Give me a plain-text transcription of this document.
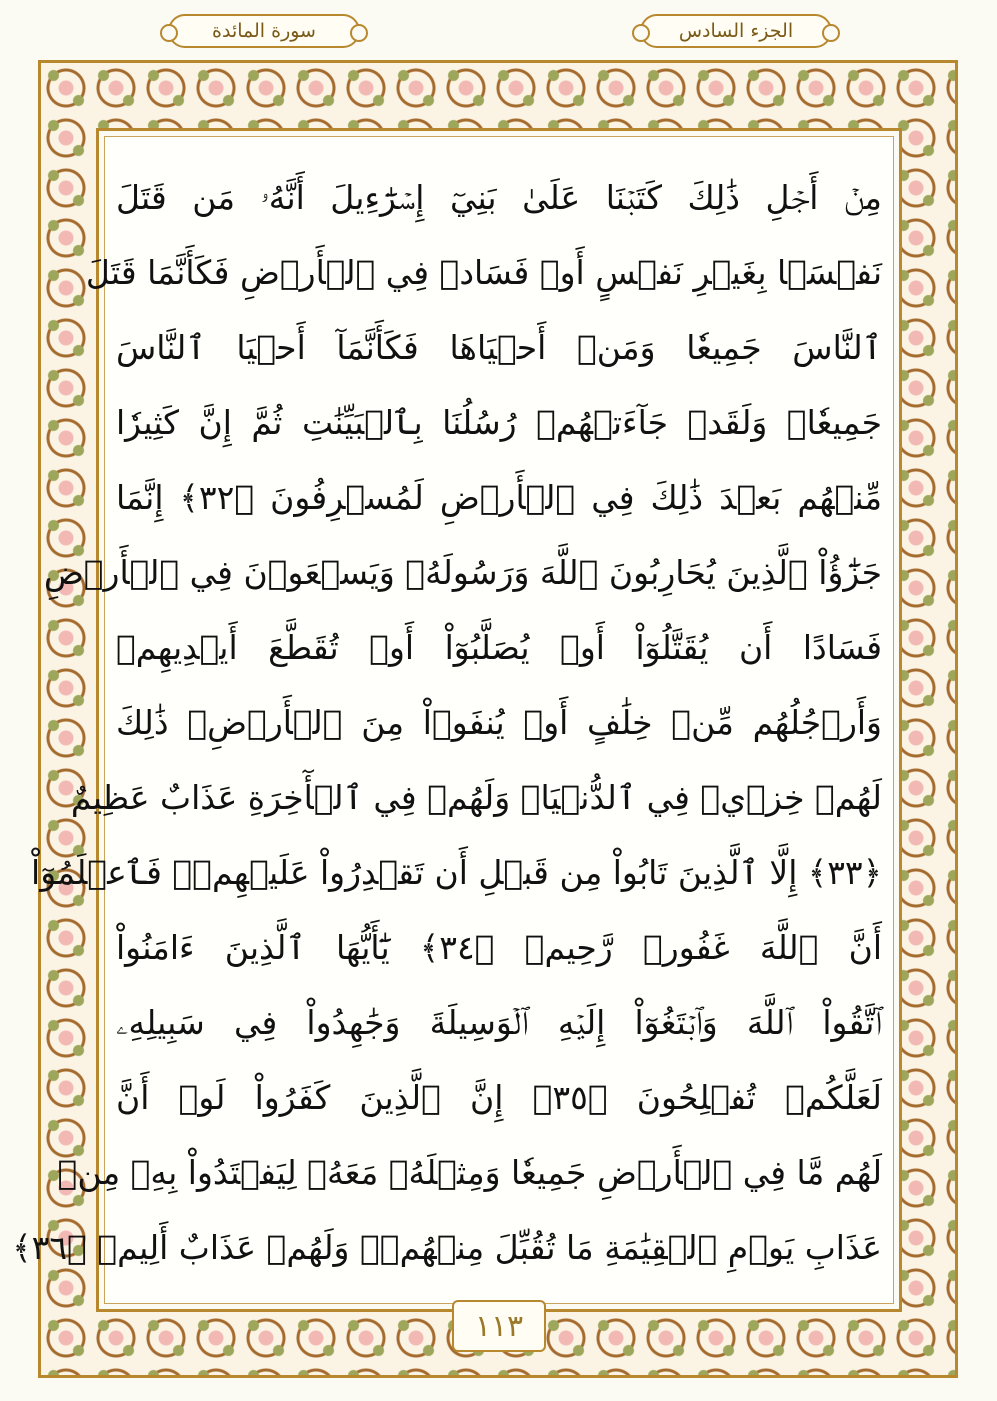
سورة المائدة	الجزء السادس
مِنۡ أَجۡلِ ذَٰلِكَ كَتَبۡنَا عَلَىٰ بَنِيٓ إِسۡرَٰٓءِيلَ أَنَّهُۥ مَن قَتَلَ
نَفۡسَۢا بِغَيۡرِ نَفۡسٍ أَوۡ فَسَادٖ فِي ٱلۡأَرۡضِ فَكَأَنَّمَا قَتَلَ
ٱلنَّاسَ جَمِيعٗا وَمَنۡ أَحۡيَاهَا فَكَأَنَّمَآ أَحۡيَا ٱلنَّاسَ
جَمِيعٗاۚ وَلَقَدۡ جَآءَتۡهُمۡ رُسُلُنَا بِٱلۡبَيِّنَٰتِ ثُمَّ إِنَّ كَثِيرٗا
مِّنۡهُم بَعۡدَ ذَٰلِكَ فِي ٱلۡأَرۡضِ لَمُسۡرِفُونَ ﴿٣٢﴾ إِنَّمَا
جَزَٰٓؤُاْ ٱلَّذِينَ يُحَارِبُونَ ٱللَّهَ وَرَسُولَهُۥ وَيَسۡعَوۡنَ فِي ٱلۡأَرۡضِ
فَسَادًا أَن يُقَتَّلُوٓاْ أَوۡ يُصَلَّبُوٓاْ أَوۡ تُقَطَّعَ أَيۡدِيهِمۡ
وَأَرۡجُلُهُم مِّنۡ خِلَٰفٍ أَوۡ يُنفَوۡاْ مِنَ ٱلۡأَرۡضِۚ ذَٰلِكَ
لَهُمۡ خِزۡيٞ فِي ٱلدُّنۡيَاۖ وَلَهُمۡ فِي ٱلۡأٓخِرَةِ عَذَابٌ عَظِيمٌ
﴿٣٣﴾ إِلَّا ٱلَّذِينَ تَابُواْ مِن قَبۡلِ أَن تَقۡدِرُواْ عَلَيۡهِمۡۖ فَٱعۡلَمُوٓاْ
أَنَّ ٱللَّهَ غَفُورٞ رَّحِيمٞ ﴿٣٤﴾ يَٰٓأَيُّهَا ٱلَّذِينَ ءَامَنُواْ
ٱتَّقُواْ ٱللَّهَ وَٱبۡتَغُوٓاْ إِلَيۡهِ ٱلۡوَسِيلَةَ وَجَٰهِدُواْ فِي سَبِيلِهِۦ
لَعَلَّكُمۡ تُفۡلِحُونَ ﴿٣٥﴾ إِنَّ ٱلَّذِينَ كَفَرُواْ لَوۡ أَنَّ
لَهُم مَّا فِي ٱلۡأَرۡضِ جَمِيعٗا وَمِثۡلَهُۥ مَعَهُۥ لِيَفۡتَدُواْ بِهِۦ مِنۡ
عَذَابِ يَوۡمِ ٱلۡقِيَٰمَةِ مَا تُقُبِّلَ مِنۡهُمۡۖ وَلَهُمۡ عَذَابٌ أَلِيمٞ ﴿٣٦﴾
١١٣
